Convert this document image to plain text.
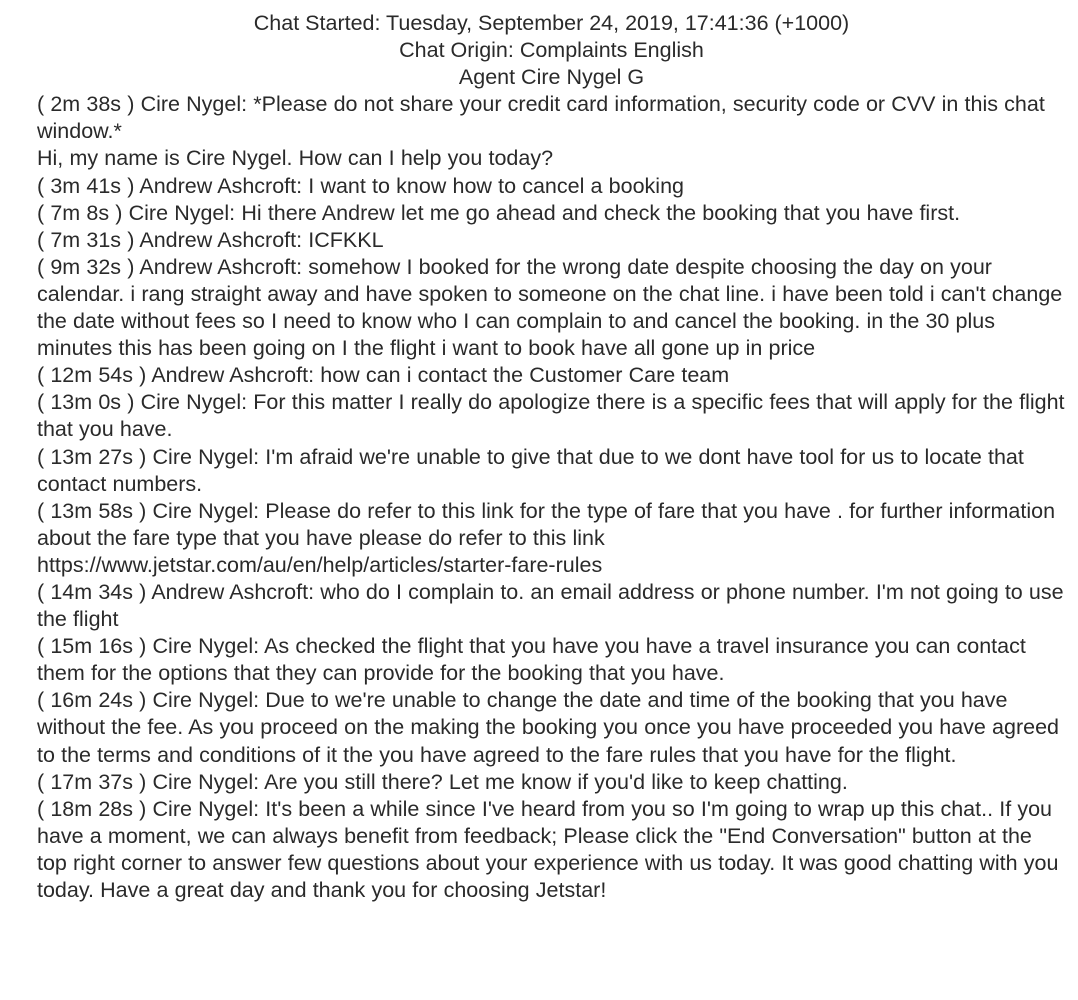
Chat Started: Tuesday, September 24, 2019, 17:41:36 (+1000)
Chat Origin: Complaints English
Agent Cire Nygel G
( 2m 38s ) Cire Nygel: *Please do not share your credit card information, security code or CVV in this chat window.*
Hi, my name is Cire Nygel. How can I help you today?
( 3m 41s ) Andrew Ashcroft: I want to know how to cancel a booking
( 7m 8s ) Cire Nygel: Hi there Andrew let me go ahead and check the booking that you have first.
( 7m 31s ) Andrew Ashcroft: ICFKKL
( 9m 32s ) Andrew Ashcroft: somehow I booked for the wrong date despite choosing the day on your calendar. i rang straight away and have spoken to someone on the chat line. i have been told i can't change the date without fees so I need to know who I can complain to and cancel the booking. in the 30 plus minutes this has been going on I the flight i want to book have all gone up in price
( 12m 54s ) Andrew Ashcroft: how can i contact the Customer Care team
( 13m 0s ) Cire Nygel: For this matter I really do apologize there is a specific fees that will apply for the flight that you have.
( 13m 27s ) Cire Nygel: I'm afraid we're unable to give that due to we dont have tool for us to locate that contact numbers.
( 13m 58s ) Cire Nygel: Please do refer to this link for the type of fare that you have . for further information about the fare type that you have please do refer to this link
https://www.jetstar.com/au/en/help/articles/starter-fare-rules
( 14m 34s ) Andrew Ashcroft: who do I complain to. an email address or phone number. I'm not going to use the flight
( 15m 16s ) Cire Nygel: As checked the flight that you have you have a travel insurance you can contact them for the options that they can provide for the booking that you have.
( 16m 24s ) Cire Nygel: Due to we're unable to change the date and time of the booking that you have without the fee. As you proceed on the making the booking you once you have proceeded you have agreed to the terms and conditions of it the you have agreed to the fare rules that you have for the flight.
( 17m 37s ) Cire Nygel: Are you still there? Let me know if you'd like to keep chatting.
( 18m 28s ) Cire Nygel: It's been a while since I've heard from you so I'm going to wrap up this chat.. If you have a moment, we can always benefit from feedback; Please click the "End Conversation" button at the top right corner to answer few questions about your experience with us today. It was good chatting with you today. Have a great day and thank you for choosing Jetstar!
